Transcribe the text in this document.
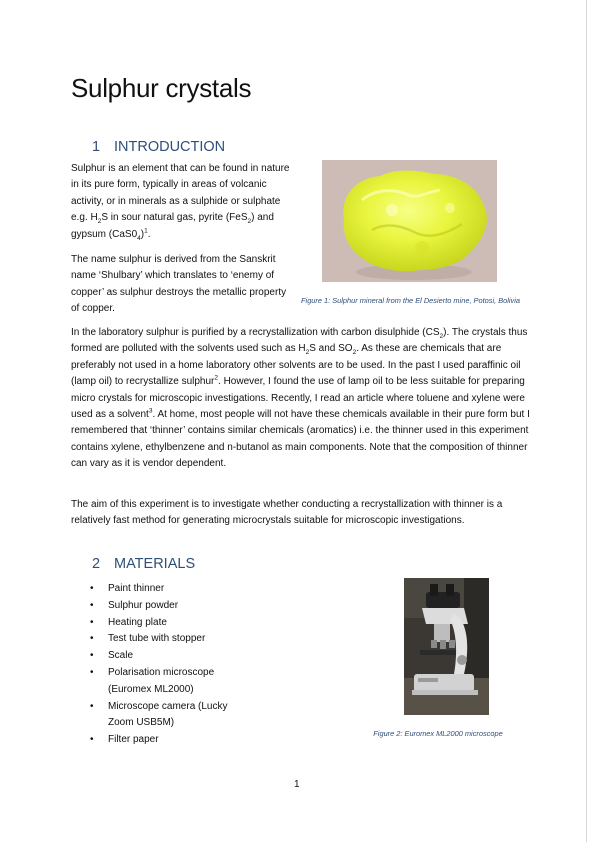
Sulphur crystals
1 INTRODUCTION

Sulphur is an element that can be found in nature in its pure form, typically in areas of volcanic activity, or in minerals as a sulphide or sulphate e.g. $H_2S$ in sour natural gas, pyrite (FeS$_2$) and gypsum $(CaS0_4)^1$.

The name sulphur is derived from the Sanskrit name ‘Shulbary’ which translates to ‘enemy of copper’ as sulphur destroys the metallic property of copper.

Figure 1: Sulphur mineral from the El Desierto mine, Potosi, Bolivia

In the laboratory sulphur is purified by a recrystallization with carbon disulphide $(CS_2)$. The crystals thus formed are polluted with the solvents used such as $H_2S$ and $SO_2$. As these are chemicals that are preferably not used in a home laboratory other solvents are to be used. In the past I used paraffinic oil (lamp oil) to recrystallize sulphur$^2$. However, I found the use of lamp oil to be less suitable for preparing micro crystals for microscopic investigations. Recently, I read an article where toluene and xylene were used as a solvent$^3$. At home, most people will not have these chemicals available in their pure form but I remembered that ‘thinner’ contains similar chemicals (aromatics) i.e. the thinner used in this experiment contains xylene, ethylbenzene and n-butanol as main components. Note that the composition of thinner can vary as it is vendor dependent.

The aim of this experiment is to investigate whether conducting a recrystallization with thinner is a relatively fast method for generating microcrystals suitable for microscopic investigations.

2 MATERIALS
• Paint thinner
• Sulphur powder
• Heating plate
• Test tube with stopper
• Scale
• Polarisation microscope (Euromex ML2000)
• Microscope camera (Lucky Zoom USB5M)
• Filter paper
Figure 2: Euromex ML2000 microscope
1
